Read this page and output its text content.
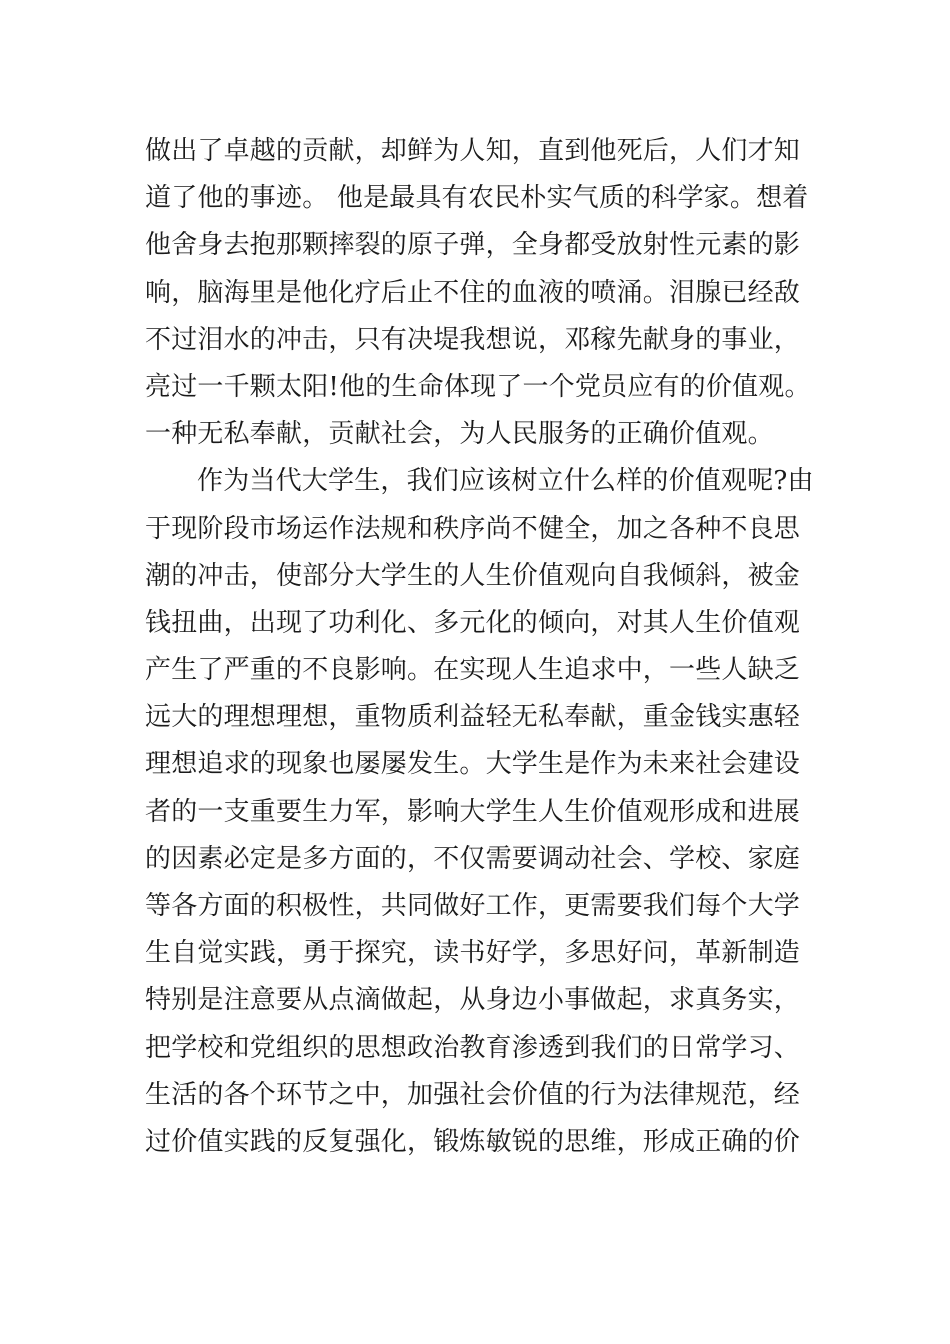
做出了卓越的贡献，却鲜为人知，直到他死后，人们才知
道了他的事迹。 他是最具有农民朴实气质的科学家。想着
他舍身去抱那颗摔裂的原子弹，全身都受放射性元素的影
响，脑海里是他化疗后止不住的血液的喷涌。泪腺已经敌
不过泪水的冲击，只有决堤我想说，邓稼先献身的事业，
亮过一千颗太阳!他的生命体现了一个党员应有的价值观。
一种无私奉献，贡献社会，为人民服务的正确价值观。
作为当代大学生，我们应该树立什么样的价值观呢?由
于现阶段市场运作法规和秩序尚不健全，加之各种不良思
潮的冲击，使部分大学生的人生价值观向自我倾斜，被金
钱扭曲，出现了功利化、多元化的倾向，对其人生价值观
产生了严重的不良影响。在实现人生追求中，一些人缺乏
远大的理想理想，重物质利益轻无私奉献，重金钱实惠轻
理想追求的现象也屡屡发生。大学生是作为未来社会建设
者的一支重要生力军，影响大学生人生价值观形成和进展
的因素必定是多方面的，不仅需要调动社会、学校、家庭
等各方面的积极性，共同做好工作，更需要我们每个大学
生自觉实践，勇于探究，读书好学，多思好问，革新制造
特别是注意要从点滴做起，从身边小事做起，求真务实，
把学校和党组织的思想政治教育渗透到我们的日常学习、
生活的各个环节之中，加强社会价值的行为法律规范，经
过价值实践的反复强化，锻炼敏锐的思维，形成正确的价
